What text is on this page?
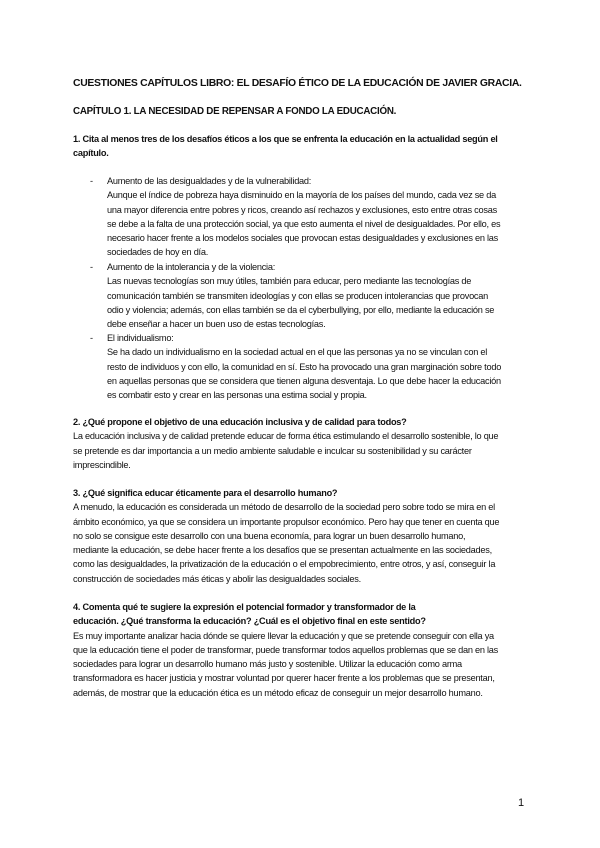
CUESTIONES CAPÍTULOS LIBRO: EL DESAFÍO ÉTICO DE LA EDUCACIÓN DE JAVIER GRACIA.
CAPÍTULO 1. LA NECESIDAD DE REPENSAR A FONDO LA EDUCACIÓN.
1. Cita al menos tres de los desafíos éticos a los que se enfrenta la educación en la actualidad según el
capítulo.
- Aumento de las desigualdades y de la vulnerabilidad:
Aunque el índice de pobreza haya disminuido en la mayoría de los países del mundo, cada vez se da
una mayor diferencia entre pobres y ricos, creando así rechazos y exclusiones, esto entre otras cosas
se debe a la falta de una protección social, ya que esto aumenta el nivel de desigualdades. Por ello, es
necesario hacer frente a los modelos sociales que provocan estas desigualdades y exclusiones en las
sociedades de hoy en día.
- Aumento de la intolerancia y de la violencia:
Las nuevas tecnologías son muy útiles, también para educar, pero mediante las tecnologías de
comunicación también se transmiten ideologías y con ellas se producen intolerancias que provocan
odio y violencia; además, con ellas también se da el cyberbullying, por ello, mediante la educación se
debe enseñar a hacer un buen uso de estas tecnologías.
- El individualismo:
Se ha dado un individualismo en la sociedad actual en el que las personas ya no se vinculan con el
resto de individuos y con ello, la comunidad en sí. Esto ha provocado una gran marginación sobre todo
en aquellas personas que se considera que tienen alguna desventaja. Lo que debe hacer la educación
es combatir esto y crear en las personas una estima social y propia.
2. ¿Qué propone el objetivo de una educación inclusiva y de calidad para todos?
La educación inclusiva y de calidad pretende educar de forma ética estimulando el desarrollo sostenible, lo que
se pretende es dar importancia a un medio ambiente saludable e inculcar su sostenibilidad y su carácter
imprescindible.
3. ¿Qué significa educar éticamente para el desarrollo humano?
A menudo, la educación es considerada un método de desarrollo de la sociedad pero sobre todo se mira en el
ámbito económico, ya que se considera un importante propulsor económico. Pero hay que tener en cuenta que
no solo se consigue este desarrollo con una buena economía, para lograr un buen desarrollo humano,
mediante la educación, se debe hacer frente a los desafíos que se presentan actualmente en las sociedades,
como las desigualdades, la privatización de la educación o el empobrecimiento, entre otros, y así, conseguir la
construcción de sociedades más éticas y abolir las desigualdades sociales.
4. Comenta qué te sugiere la expresión el potencial formador y transformador de la
educación. ¿Qué transforma la educación? ¿Cuál es el objetivo final en este sentido?
Es muy importante analizar hacia dónde se quiere llevar la educación y que se pretende conseguir con ella ya
que la educación tiene el poder de transformar, puede transformar todos aquellos problemas que se dan en las
sociedades para lograr un desarrollo humano más justo y sostenible. Utilizar la educación como arma
transformadora es hacer justicia y mostrar voluntad por querer hacer frente a los problemas que se presentan,
además, de mostrar que la educación ética es un método eficaz de conseguir un mejor desarrollo humano.
1
